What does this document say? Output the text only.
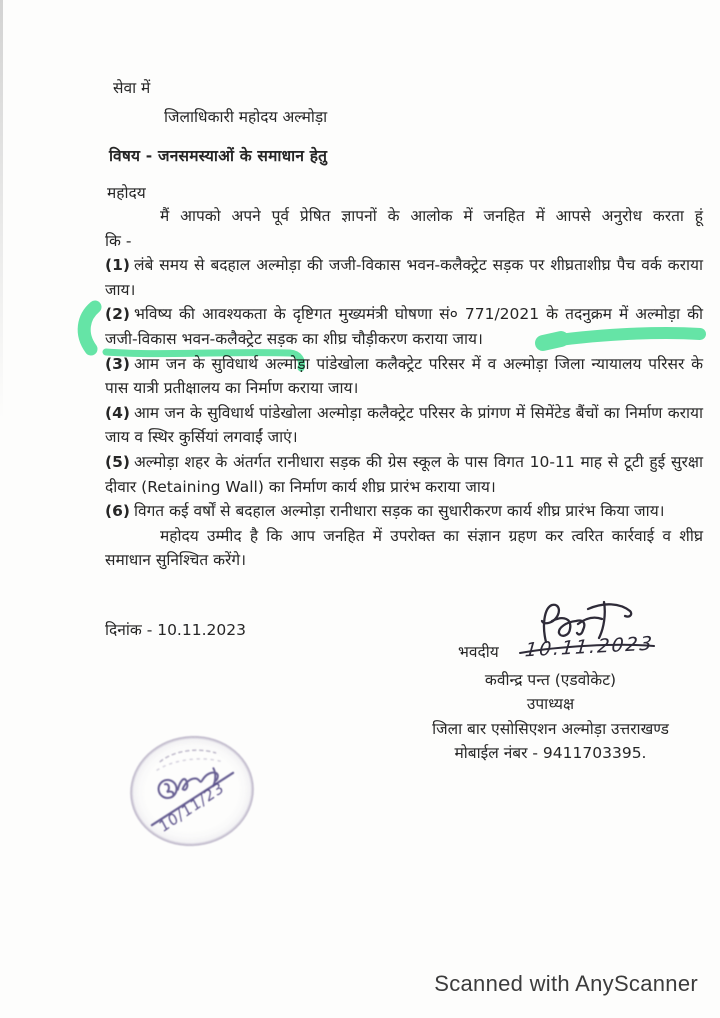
सेवा में
जिलाधिकारी महोदय अल्मोड़ा
विषय - जनसमस्याओं के समाधान हेतु
महोदय

मैं आपको अपने पूर्व प्रेषित ज्ञापनों के आलोक में जनहित में आपसे अनुरोध करता हूं
कि -

(1) लंबे समय से बदहाल अल्मोड़ा की जजी-विकास भवन-कलैक्ट्रेट सड़क पर शीघ्रताशीघ्र पैच वर्क कराया जाय।

(2) भविष्य की आवश्यकता के दृष्टिगत मुख्यमंत्री घोषणा सं० 771/2021 के तदनुक्रम में अल्मोड़ा की जजी-विकास भवन-कलैक्ट्रेट सड़क का शीघ्र चौड़ीकरण कराया जाय।

(3) आम जन के सुविधार्थ अल्मोड़ा पांडेखोला कलैक्ट्रेट परिसर में व अल्मोड़ा जिला न्यायालय परिसर के पास यात्री प्रतीक्षालय का निर्माण कराया जाय।

(4) आम जन के सुविधार्थ पांडेखोला अल्मोड़ा कलैक्ट्रेट परिसर के प्रांगण में सिमेंटेड बैंचों का निर्माण कराया जाय व स्थिर कुर्सियां लगवाईं जाएं।

(5) अल्मोड़ा शहर के अंतर्गत रानीधारा सड़क की ग्रेस स्कूल के पास विगत 10-11 माह से टूटी हुई सुरक्षा दीवार (Retaining Wall) का निर्माण कार्य शीघ्र प्रारंभ कराया जाय।

(6) विगत कई वर्षों से बदहाल अल्मोड़ा रानीधारा सड़क का सुधारीकरण कार्य शीघ्र प्रारंभ किया जाय।

महोदय उम्मीद है कि आप जनहित में उपरोक्त का संज्ञान ग्रहण कर त्वरित कार्रवाई व शीघ्र समाधान सुनिश्चित करेंगे।

दिनांक - 10.11.2023
भवदीय 10.11.2023
कवीन्द्र पन्त (एडवोकेट)
उपाध्यक्ष
जिला बार एसोसिएशन अल्मोड़ा उत्तराखण्ड
मोबाईल नंबर - 9411703395.
10/11/23
Scanned with AnyScanner
